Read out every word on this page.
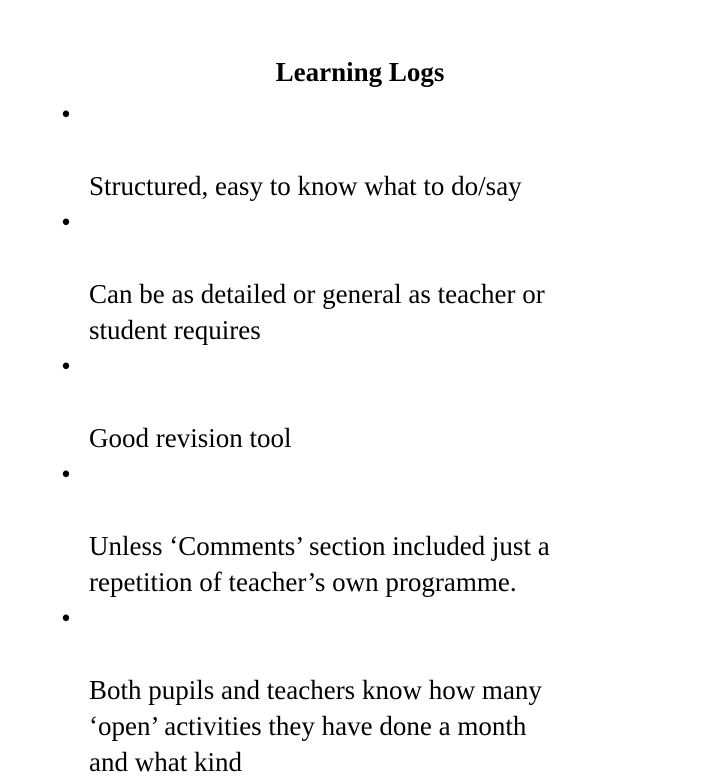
Learning Logs

•

Structured, easy to know what to do/say

•

Can be as detailed or general as teacher or
student requires

•

Good revision tool

•

Unless ‘Comments’ section included just a
repetition of teacher’s own programme.

•

Both pupils and teachers know how many
‘open’ activities they have done a month
and what kind
